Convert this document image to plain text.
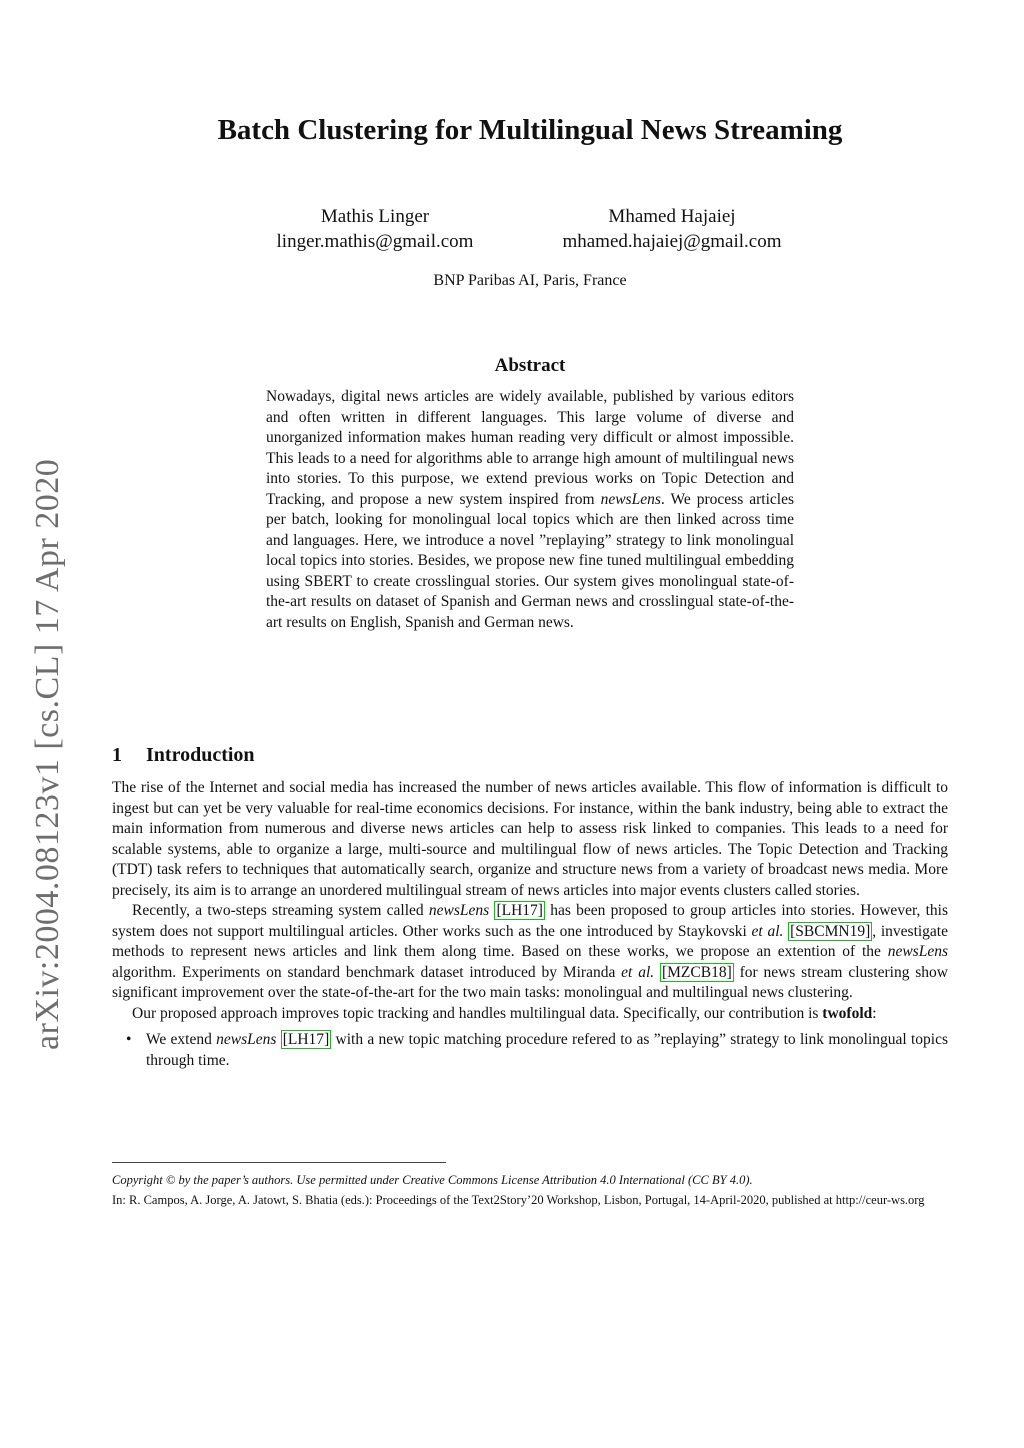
arXiv:2004.08123v1 [cs.CL] 17 Apr 2020
Batch Clustering for Multilingual News Streaming
Mathis Linger
linger.mathis@gmail.com
Mhamed Hajaiej
mhamed.hajaiej@gmail.com
BNP Paribas AI, Paris, France
Abstract

Nowadays, digital news articles are widely available, published by various editors and often written in different languages. This large volume of diverse and unorganized information makes human reading very difficult or almost impossible. This leads to a need for algorithms able to arrange high amount of multilingual news into stories. To this purpose, we extend previous works on Topic Detection and Tracking, and propose a new system inspired from newsLens. We process articles per batch, looking for monolingual local topics which are then linked across time and languages. Here, we introduce a novel ”replaying” strategy to link monolingual local topics into stories. Besides, we propose new fine tuned multilingual embedding using SBERT to create crosslingual stories. Our system gives monolingual state-of-the-art results on dataset of Spanish and German news and crosslingual state-of-the-art results on English, Spanish and German news.

1 Introduction

The rise of the Internet and social media has increased the number of news articles available. This flow of information is difficult to ingest but can yet be very valuable for real-time economics decisions. For instance, within the bank industry, being able to extract the main information from numerous and diverse news articles can help to assess risk linked to companies. This leads to a need for scalable systems, able to organize a large, multi-source and multilingual flow of news articles. The Topic Detection and Tracking (TDT) task refers to techniques that automatically search, organize and structure news from a variety of broadcast news media. More precisely, its aim is to arrange an unordered multilingual stream of news articles into major events clusters called stories.

Recently, a two-steps streaming system called newsLens [LH17] has been proposed to group articles into stories. However, this system does not support multilingual articles. Other works such as the one introduced by Staykovski et al. [SBCMN19] , investigate methods to represent news articles and link them along time. Based on these works, we propose an extention of the newsLens algorithm. Experiments on standard benchmark dataset introduced by Miranda et al. [MZCB18] for news stream clustering show significant improvement over the state-of-the-art for the two main tasks: monolingual and multilingual news clustering.

Our proposed approach improves topic tracking and handles multilingual data. Specifically, our contribution is twofold:

• We extend newsLens [LH17] with a new topic matching procedure refered to as ”replaying” strategy to link monolingual topics through time.
Copyright © by the paper’s authors. Use permitted under Creative Commons License Attribution 4.0 International (CC BY 4.0).
In: R. Campos, A. Jorge, A. Jatowt, S. Bhatia (eds.): Proceedings of the Text2Story’20 Workshop, Lisbon, Portugal, 14-April-2020, published at http://ceur-ws.org
